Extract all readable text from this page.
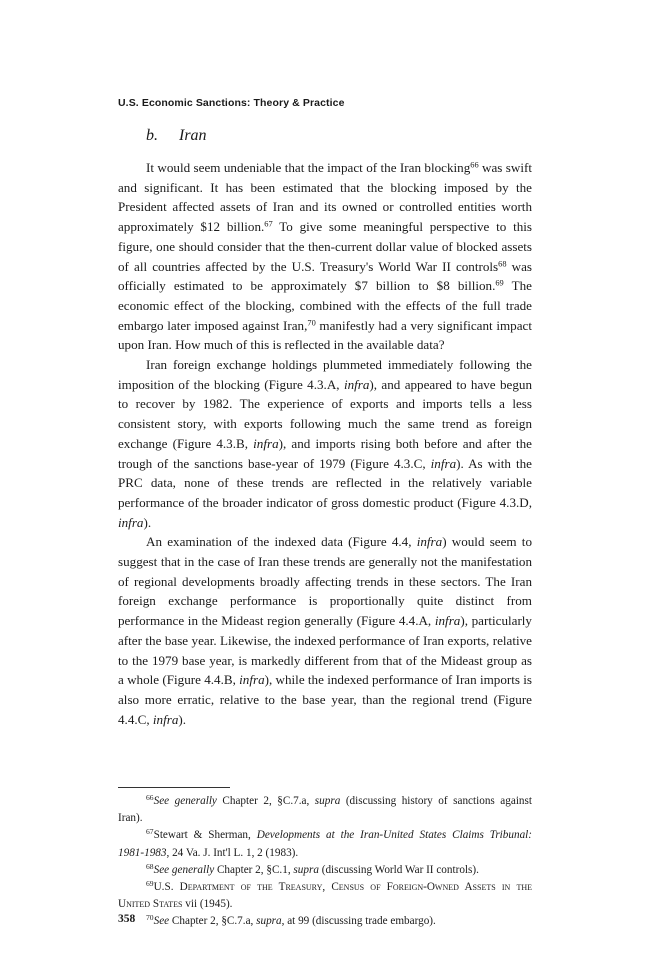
U.S. Economic Sanctions: Theory & Practice
b. Iran

It would seem undeniable that the impact of the Iran blocking$^{66}$ was swift and significant. It has been estimated that the blocking imposed by the President affected assets of Iran and its owned or controlled entities worth approximately $12 billion.$^{67}$ To give some meaningful perspective to this figure, one should consider that the then-current dollar value of blocked assets of all countries affected by the U.S. Treasury's World War II controls$^{68}$ was officially estimated to be approximately $7 billion to $8 billion.$^{69}$ The economic effect of the blocking, combined with the effects of the full trade embargo later imposed against Iran,$^{70}$ manifestly had a very significant impact upon Iran. How much of this is reflected in the available data?

Iran foreign exchange holdings plummeted immediately following the imposition of the blocking (Figure 4.3.A, infra), and appeared to have begun to recover by 1982. The experience of exports and imports tells a less consistent story, with exports following much the same trend as foreign exchange (Figure 4.3.B, infra), and imports rising both before and after the trough of the sanctions base-year of 1979 (Figure 4.3.C, infra). As with the PRC data, none of these trends are reflected in the relatively variable performance of the broader indicator of gross domestic product (Figure 4.3.D, infra).

An examination of the indexed data (Figure 4.4, infra) would seem to suggest that in the case of Iran these trends are generally not the manifestation of regional developments broadly affecting trends in these sectors. The Iran foreign exchange performance is proportionally quite distinct from performance in the Mideast region generally (Figure 4.4.A, infra), particularly after the base year. Likewise, the indexed performance of Iran exports, relative to the 1979 base year, is markedly different from that of the Mideast group as a whole (Figure 4.4.B, infra), while the indexed performance of Iran imports is also more erratic, relative to the base year, than the regional trend (Figure 4.4.C, infra).

$^{66}$See generally Chapter 2, §C.7.a, supra (discussing history of sanctions against Iran).

$^{67}$Stewart & Sherman, Developments at the Iran-United States Claims Tribunal: 1981-1983, 24 Va. J. Int'l L. 1, 2 (1983).

$^{68}$See generally Chapter 2, §C.1, supra (discussing World War II controls).

$^{69}$U.S. Department of the Treasury, Census of Foreign-Owned Assets in the United States vii (1945).

$^{70}$See Chapter 2, §C.7.a, supra, at 99 (discussing trade embargo).

358
